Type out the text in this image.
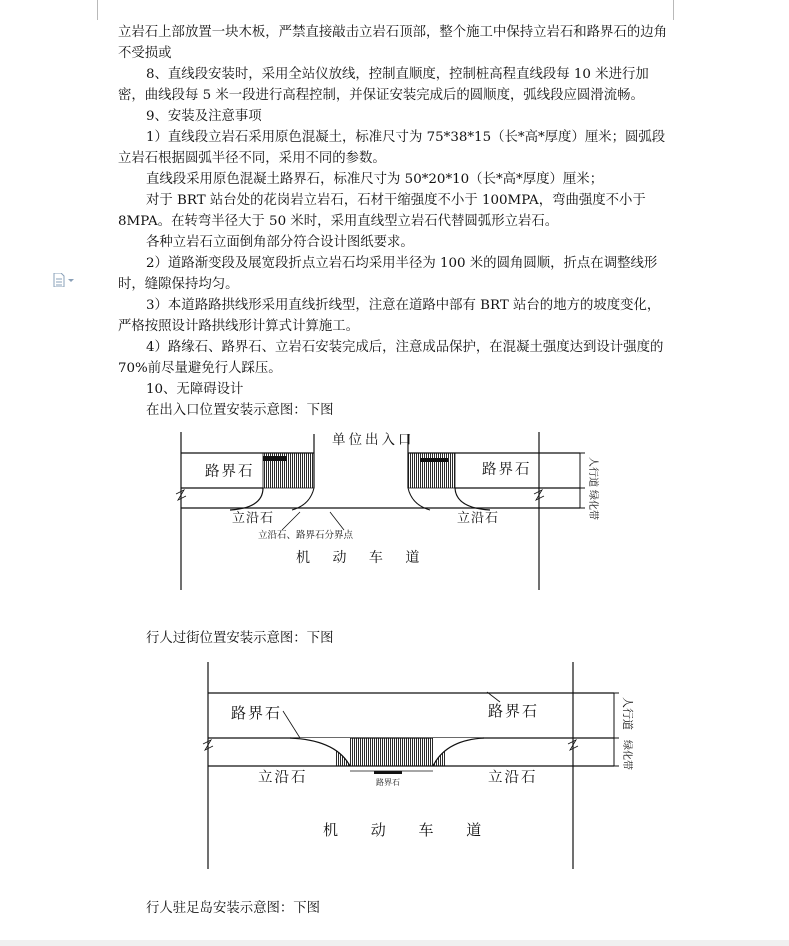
立岩石上部放置一块木板，严禁直接敲击立岩石顶部，整个施工中保持立岩石和路界石的边角不受损或

8、直线段安装时，采用全站仪放线，控制直顺度，控制桩高程直线段每 10 米进行加密，曲线段每 5 米一段进行高程控制，并保证安装完成后的圆顺度，弧线段应圆滑流畅。

9、安装及注意事项

1）直线段立岩石采用原色混凝土，标准尺寸为 75*38*15（长*高*厚度）厘米；圆弧段立岩石根据圆弧半径不同，采用不同的参数。

直线段采用原色混凝土路界石，标准尺寸为 50*20*10（长*高*厚度）厘米；

对于 BRT 站台处的花岗岩立岩石，石材干缩强度不小于 100MPA，弯曲强度不小于 8MPA。在转弯半径大于 50 米时，采用直线型立岩石代替圆弧形立岩石。

各种立岩石立面倒角部分符合设计图纸要求。

2）道路渐变段及展宽段折点立岩石均采用半径为 100 米的圆角圆顺，折点在调整线形时，缝隙保持均匀。

3）本道路路拱线形采用直线折线型，注意在道路中部有 BRT 站台的地方的坡度变化，严格按照设计路拱线形计算式计算施工。

4）路缘石、路界石、立岩石安装完成后，注意成品保护，在混凝土强度达到设计强度的 70%前尽量避免行人踩压。

10、无障碍设计

在出入口位置安装示意图：下图

行人过街位置安装示意图：下图

行人驻足岛安装示意图：下图

单位出入口
路界石	路界石
立沿石	立沿石
立沿石、路界石分界点
机 动 车 道
人行道
绿化带
路界石	路界石
立沿石	立沿石
路界石
机 动 车 道
人行道
绿化带
